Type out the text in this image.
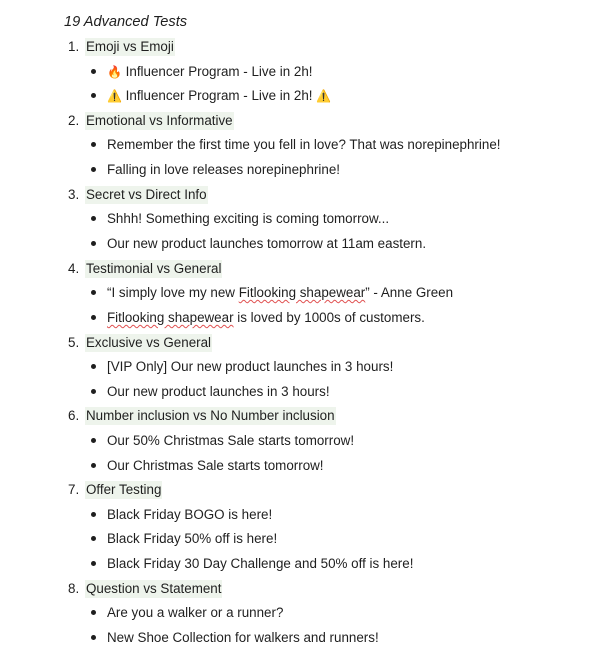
19 Advanced Tests
1. Emoji vs Emoji
🔥 Influencer Program - Live in 2h!
⚠️ Influencer Program - Live in 2h! ⚠️
2. Emotional vs Informative
Remember the first time you fell in love? That was norepinephrine!
Falling in love releases norepinephrine!
3. Secret vs Direct Info
Shhh! Something exciting is coming tomorrow...
Our new product launches tomorrow at 11am eastern.
4. Testimonial vs General
“I simply love my new Fitlooking shapewear” - Anne Green
Fitlooking shapewear is loved by 1000s of customers.
5. Exclusive vs General
[VIP Only] Our new product launches in 3 hours!
Our new product launches in 3 hours!
6. Number inclusion vs No Number inclusion
Our 50% Christmas Sale starts tomorrow!
Our Christmas Sale starts tomorrow!
7. Offer Testing
Black Friday BOGO is here!
Black Friday 50% off is here!
Black Friday 30 Day Challenge and 50% off is here!
8. Question vs Statement
Are you a walker or a runner?
New Shoe Collection for walkers and runners!
